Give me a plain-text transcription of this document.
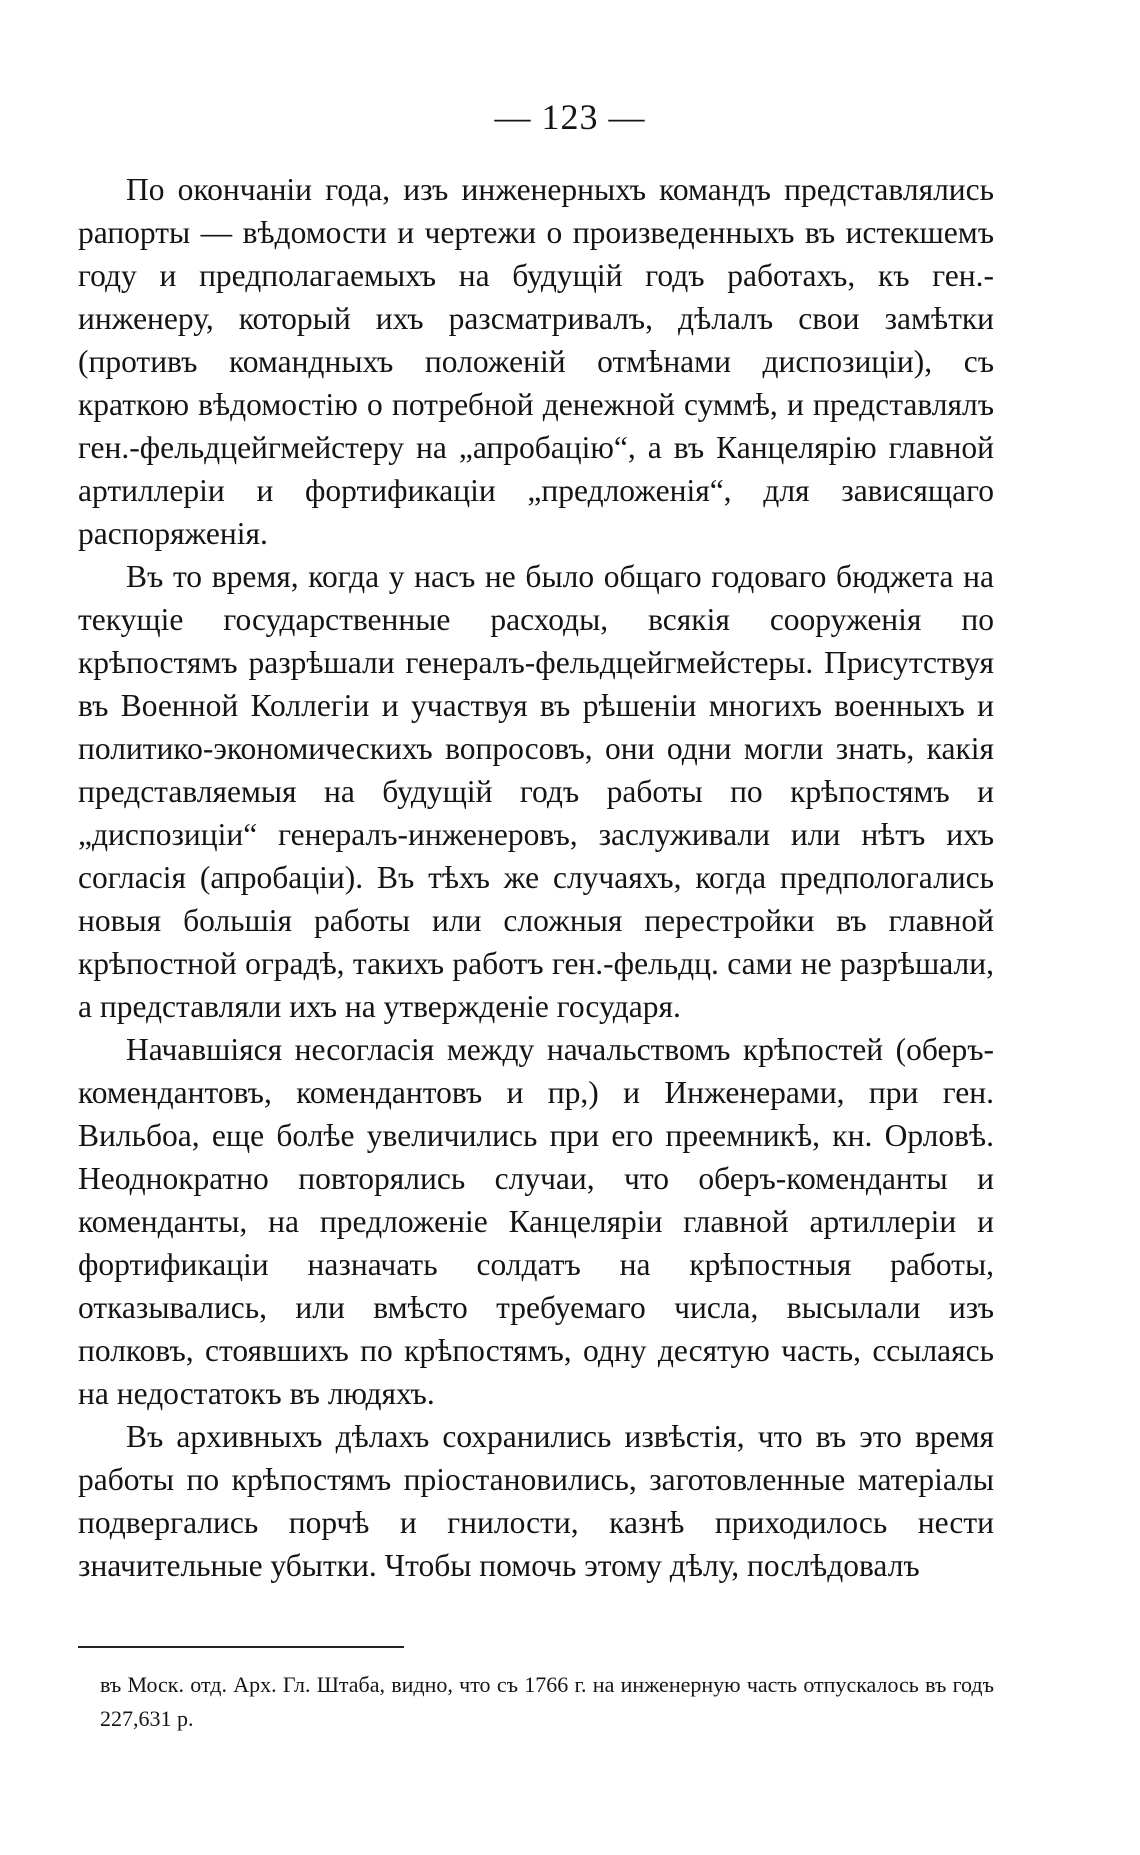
— 123 —

По окончаніи года, изъ инженерныхъ командъ представлялись рапорты — вѣдомости и чертежи о произведенныхъ въ истекшемъ году и предполагаемыхъ на будущій годъ работахъ, къ ген.-инженеру, который ихъ разсматривалъ, дѣлалъ свои замѣтки (противъ командныхъ положеній отмѣнами диспозиціи), съ краткою вѣдомостію о потребной денежной суммѣ, и представлялъ ген.-фельдцейгмейстеру на „апробацію“, а въ Канцелярію главной артиллеріи и фортификаціи „предложенія“, для зависящаго распоряженія.

Въ то время, когда у насъ не было общаго годоваго бюджета на текущіе государственные расходы, всякія сооруженія по крѣпостямъ разрѣшали генералъ-фельдцейгмейстеры. Присутствуя въ Военной Коллегіи и участвуя въ рѣшеніи многихъ военныхъ и политико-экономическихъ вопросовъ, они одни могли знать, какія представляемыя на будущій годъ работы по крѣпостямъ и „диспозиціи“ генералъ-инженеровъ, заслуживали или нѣтъ ихъ согласія (апробаціи). Въ тѣхъ же случаяхъ, когда предпологались новыя большія работы или сложныя перестройки въ главной крѣпостной оградѣ, такихъ работъ ген.-фельдц. сами не разрѣшали, а представляли ихъ на утвержденіе государя.

Начавшіяся несогласія между начальствомъ крѣпостей (оберъ-комендантовъ, комендантовъ и пр,) и Инженерами, при ген. Вильбоа, еще болѣе увеличились при его преемникѣ, кн. Орловѣ. Неоднократно повторялись случаи, что оберъ-коменданты и коменданты, на предложеніе Канцеляріи главной артиллеріи и фортификаціи назначать солдатъ на крѣпостныя работы, отказывались, или вмѣсто требуемаго числа, высылали изъ полковъ, стоявшихъ по крѣпостямъ, одну десятую часть, ссылаясь на недостатокъ въ людяхъ.

Въ архивныхъ дѣлахъ сохранились извѣстія, что въ это время работы по крѣпостямъ пріостановились, заготовленные матеріалы подвергались порчѣ и гнилости, казнѣ приходилось нести значительные убытки. Чтобы помочь этому дѣлу, послѣдовалъ

въ Моск. отд. Арх. Гл. Штаба, видно, что съ 1766 г. на инженерную часть отпускалось въ годъ 227,631 р.
